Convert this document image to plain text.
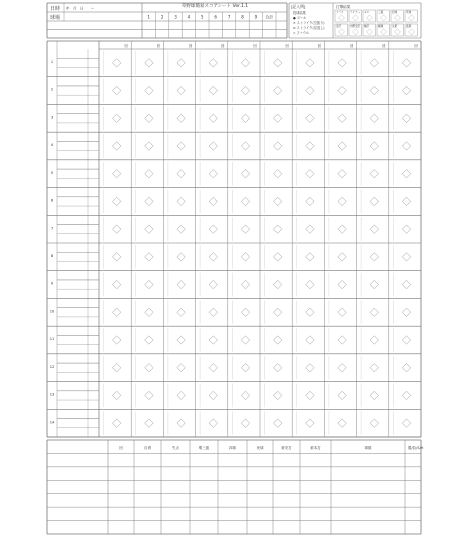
日時 年　月　日　　〜
球場
草野球簡易スコアシート Ver.1.1
1	2	3	4	5	6	7	8	9 合計
[記入例]	打撃結果
投球結果
● ボール
✕ ストライク(空振り)
⊘ ストライク(見逃し)
◇ ファウル
フライ ライナー ゴロ	三振	四球	死球
安打	内野安打 犠打	犠飛	失策	盗塁
回	回	回	回	回	回	回	回	回	回
1
2
3
4
5
6
7
8
9
10
11
12
13
14
回	自責	失点	奪三振	四球	死球	被安打	被本打	球数	勝/負/S/H
